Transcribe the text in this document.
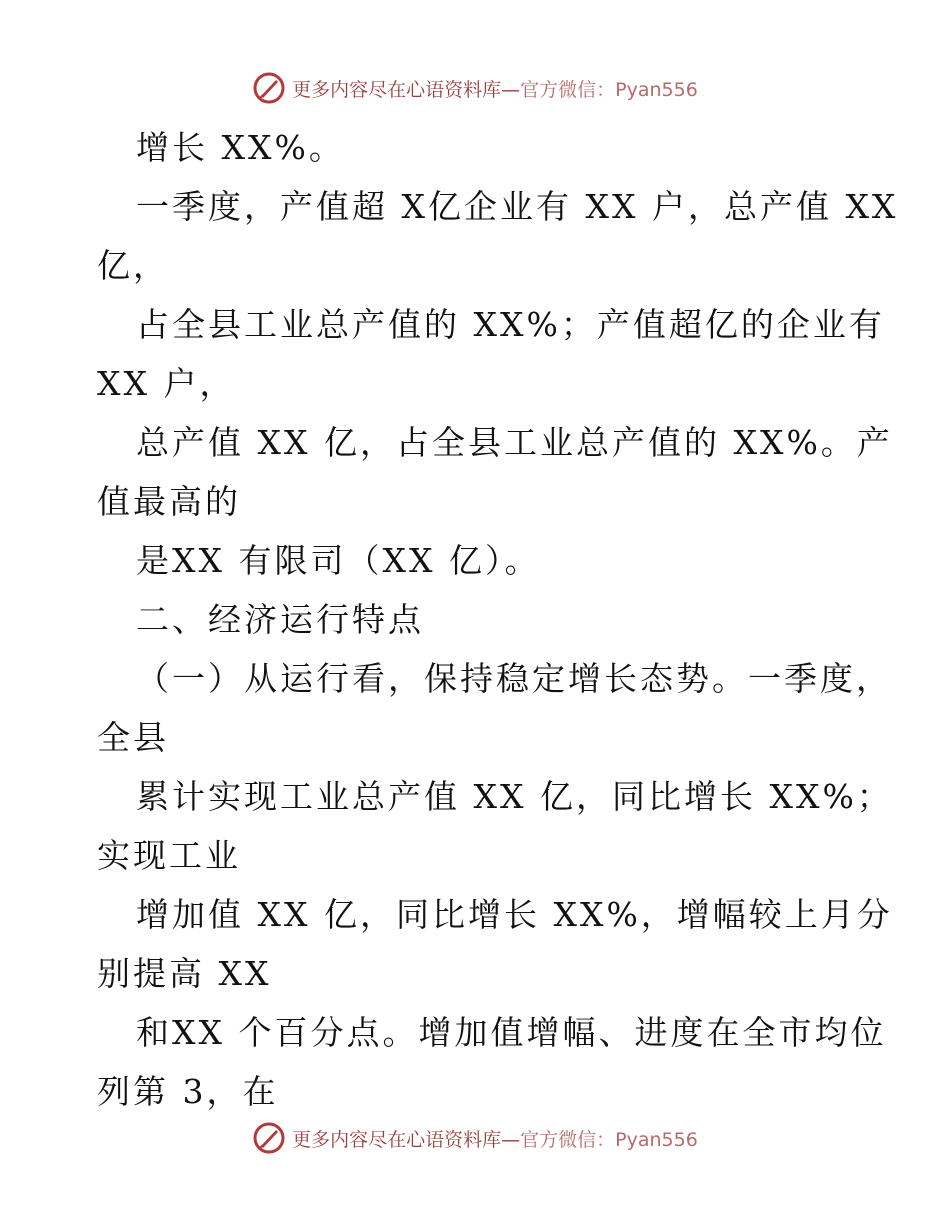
更多内容尽在心语资料库— 官方微信：Pyan556
增长 XX%。
一季度，产值超 X亿企业有 XX 户，总产值 XX
亿，
占全县工业总产值的 XX%；产值超亿的企业有
XX 户，
总产值 XX 亿，占全县工业总产值的 XX%。产
值最高的
是XX 有限司（XX 亿）。
二、经济运行特点
（一）从运行看，保持稳定增长态势。一季度，
全县
累计实现工业总产值 XX 亿，同比增长 XX%；
实现工业
增加值 XX 亿，同比增长 XX%，增幅较上月分
别提高 XX
和XX 个百分点。增加值增幅、进度在全市均位
列第 3，在
更多内容尽在心语资料库— 官方微信：Pyan556
